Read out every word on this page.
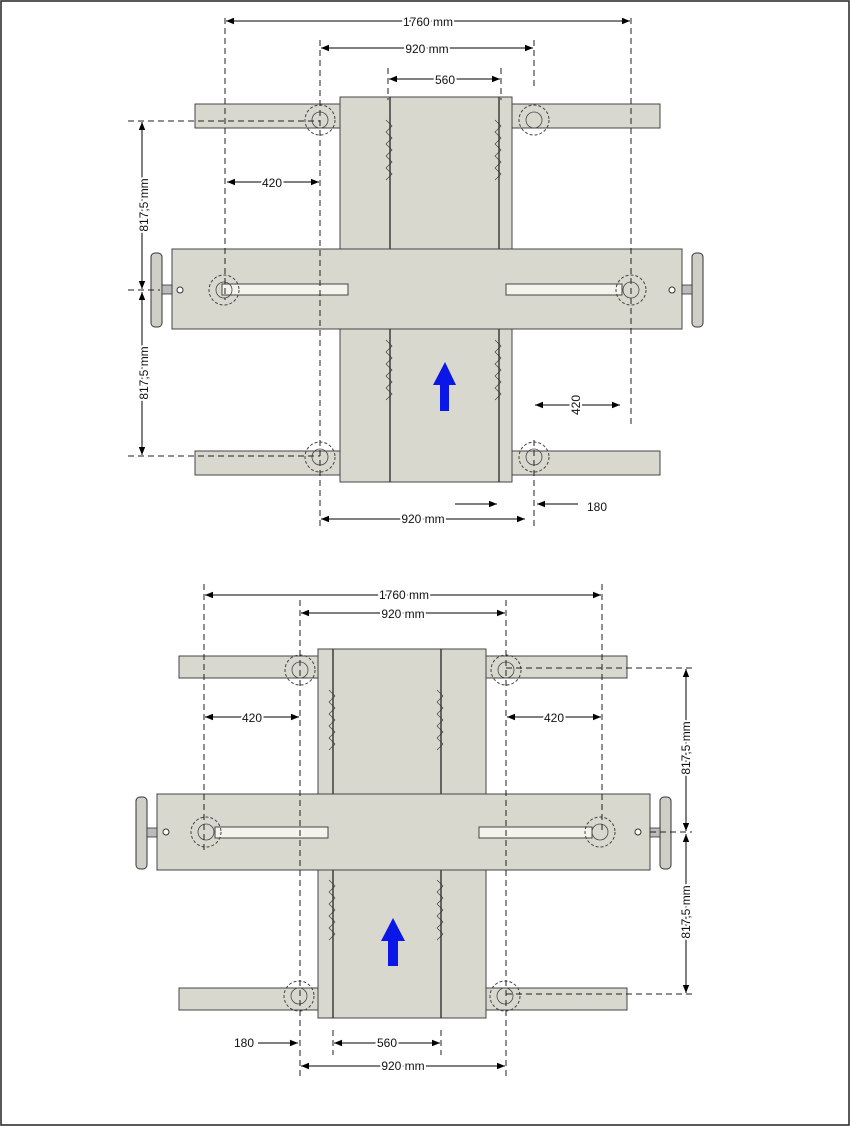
1760 mm
920 mm
560
420
817,5 mm
817,5 mm
420
920 mm
180
1760 mm
920 mm
420	420
817,5 mm
817,5 mm
180	560
920 mm
